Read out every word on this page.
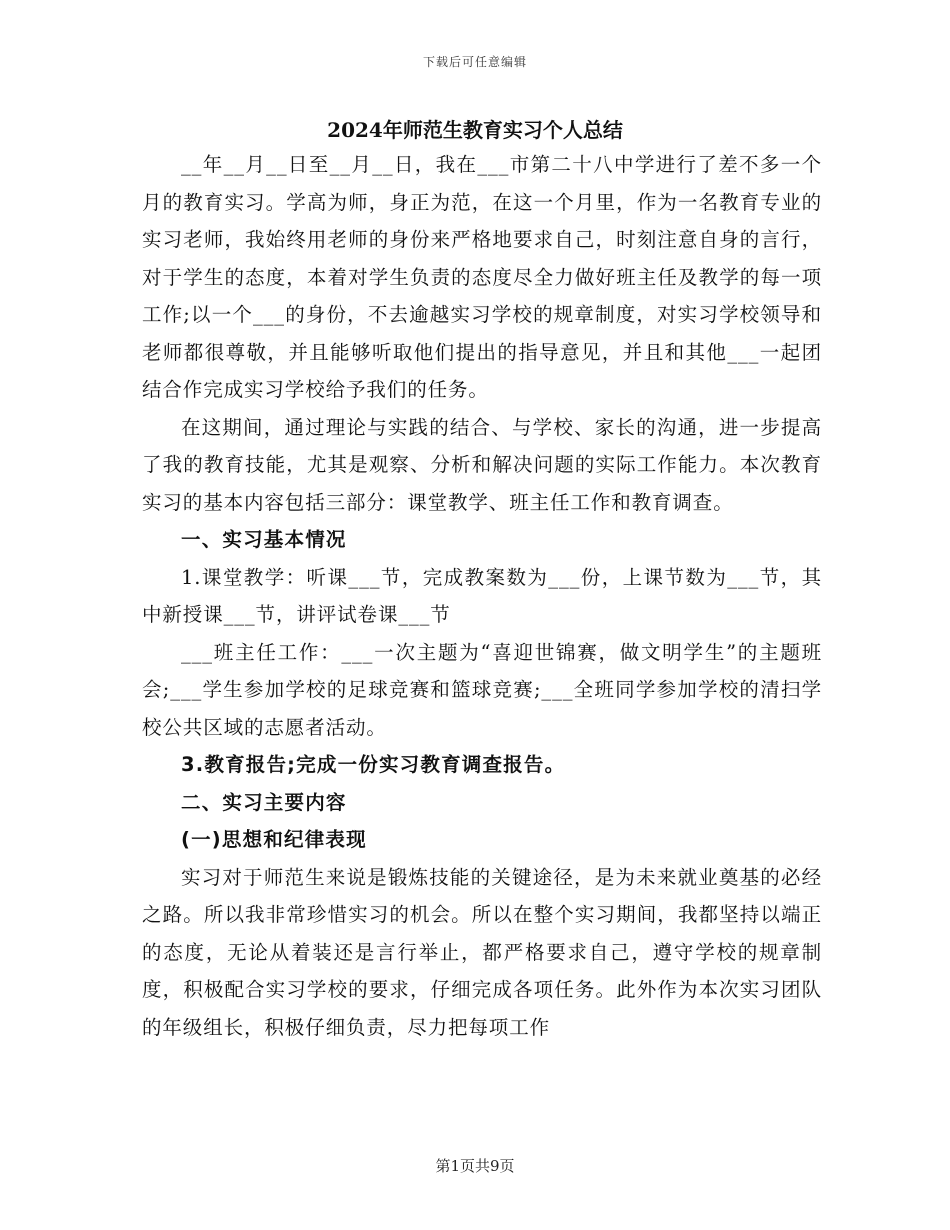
下载后可任意编辑
2024年师范生教育实习个人总结

__年__月__日至__月__日，我在___市第二十八中学进行了差不多一个月的教育实习。学高为师，身正为范，在这一个月里，作为一名教育专业的实习老师，我始终用老师的身份来严格地要求自己，时刻注意自身的言行，对于学生的态度，本着对学生负责的态度尽全力做好班主任及教学的每一项工作;以一个___的身份，不去逾越实习学校的规章制度，对实习学校领导和老师都很尊敬，并且能够听取他们提出的指导意见，并且和其他___一起团结合作完成实习学校给予我们的任务。

在这期间，通过理论与实践的结合、与学校、家长的沟通，进一步提高了我的教育技能，尤其是观察、分析和解决问题的实际工作能力。本次教育实习的基本内容包括三部分：课堂教学、班主任工作和教育调查。

一、实习基本情况

1.课堂教学：听课___节，完成教案数为___份，上课节数为___节，其中新授课___节，讲评试卷课___节

___班主任工作：___一次主题为“喜迎世锦赛，做文明学生”的主题班会;___学生参加学校的足球竞赛和篮球竞赛;___全班同学参加学校的清扫学校公共区域的志愿者活动。

3.教育报告;完成一份实习教育调查报告。

二、实习主要内容

(一)思想和纪律表现

实习对于师范生来说是锻炼技能的关键途径，是为未来就业奠基的必经之路。所以我非常珍惜实习的机会。所以在整个实习期间，我都坚持以端正的态度，无论从着装还是言行举止，都严格要求自己，遵守学校的规章制度，积极配合实习学校的要求，仔细完成各项任务。此外作为本次实习团队的年级组长，积极仔细负责，尽力把每项工作

第1页共9页
